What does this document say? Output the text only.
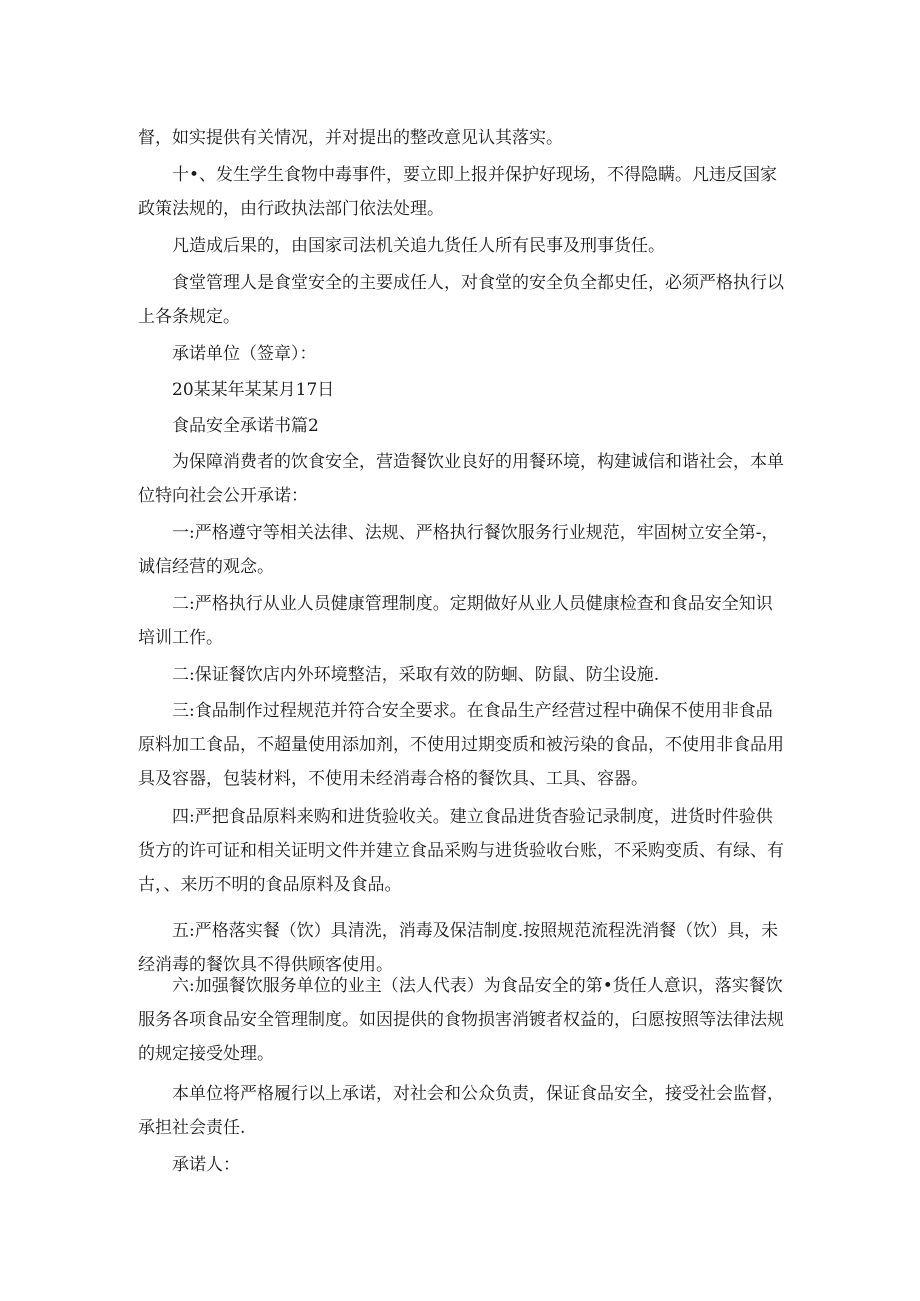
督，如实提供有关情况，并对提出的整改意见认其落实。

十•、发生学生食物中毒事件，要立即上报并保护好现场，不得隐瞒。凡违反国家政策法规的，由行政执法部门依法处理。

凡造成后果的，由国家司法机关追九货任人所有民事及刑事货任。

食堂管理人是食堂安全的主要成任人，对食堂的安全负全都史任，必须严格执行以上各条规定。

承诺单位（签章）：

20某某年某某月17日

食品安全承诺书篇2

为保障消费者的饮食安全，营造餐饮业良好的用餐环境，构建诚信和谐社会，本单位特向社会公开承诺：

一:严格遵守等相关法律、法规、严格执行餐饮服务行业规范，牢固树立安全第-，诚信经营的观念。

二:严格执行从业人员健康管理制度。定期做好从业人员健康检查和食品安全知识培训工作。

二:保证餐饮店内外环境整洁，采取有效的防蛔、防鼠、防尘设施.

三:食品制作过程规范并符合安全要求。在食品生产经营过程中确保不使用非食品原料加工食品，不超量使用添加剂，不使用过期变质和被污染的食品，不使用非食品用具及容器，包装材料，不使用未经消毒合格的餐饮具、工具、容器。

四:严把食品原料来购和进货验收关。建立食品进货杳验记录制度，进货时件验供货方的许可证和相关证明文件并建立食品采购与进货验收台账，不采购变质、有绿、有古，、来历不明的食品原料及食品。

五:严格落实餐（饮）具清洗，消毒及保洁制度.按照规范流程洗消餐（饮）具，未经消毒的餐饮具不得供顾客使用。

六:加强餐饮服务单位的业主（法人代表）为食品安全的第•货任人意识，落实餐饮服务各项食品安全管理制度。如因提供的食物损害消镀者权益的，臼愿按照等法律法规的规定接受处理。

本单位将严格履行以上承诺，对社会和公众负责，保证食品安全，接受社会监督，承担社会责任.

承诺人：
